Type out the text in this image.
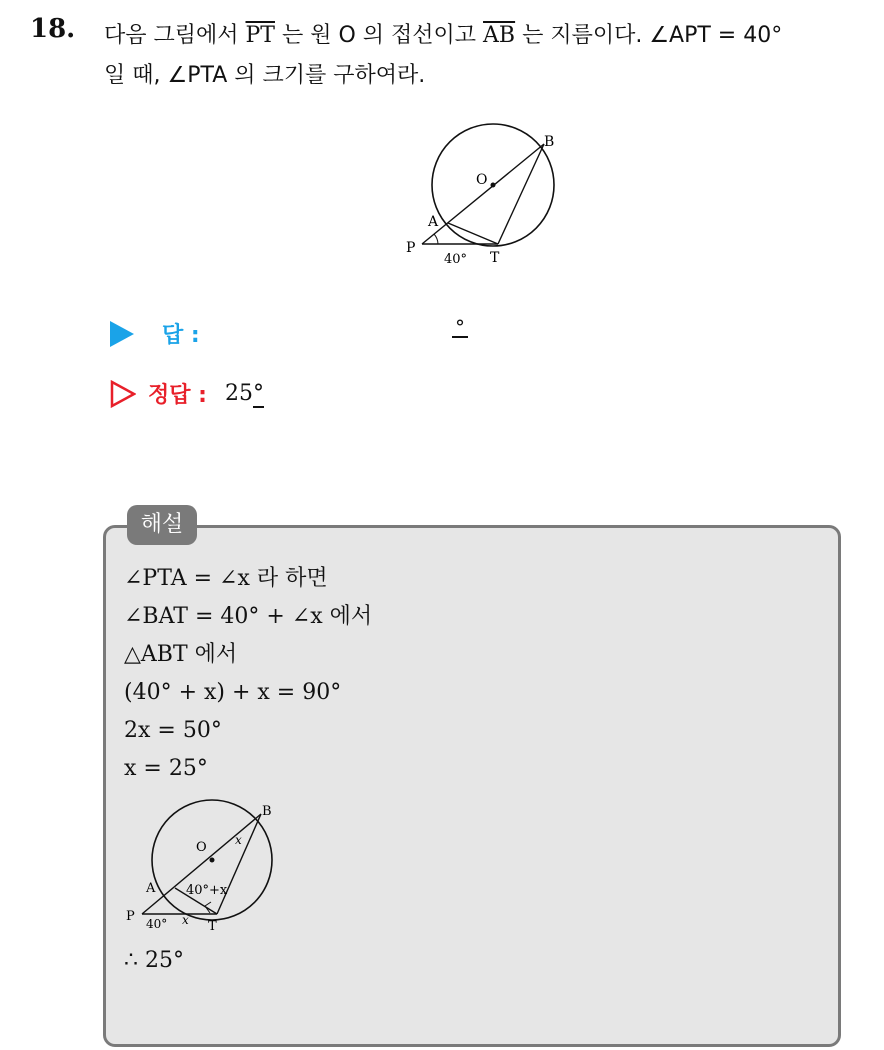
18. 다음 그림에서 $\overline{PT}$ 는 원 O 의 접선이고 $\overline{AB}$ 는 지름이다. ∠APT = 40°
일 때, ∠PTA 의 크기를 구하여라.
O
B
A
P
T
40°
답 :	°
정답 : 25°
해설
∠PTA = ∠x 라 하면
∠BAT = 40° + ∠x 에서
△ABT 에서
(40° + x) + x = 90°
2x = 50°
x = 25°
O
B
x
A 40°+x
P 40° x T
∴ 25°
